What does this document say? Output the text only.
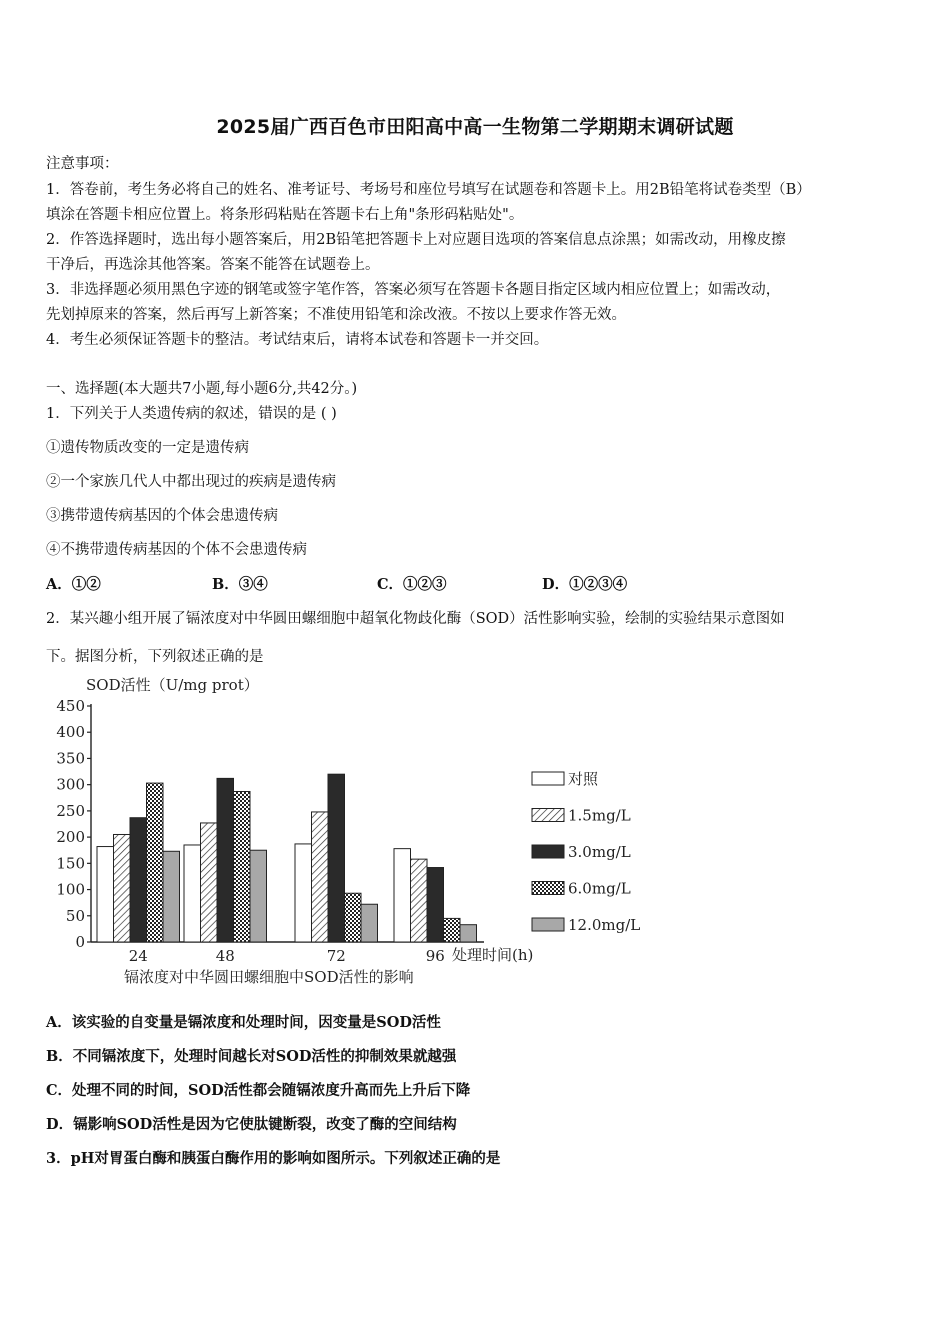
2025届广西百色市田阳高中高一生物第二学期期末调研试题
注意事项：
1．答卷前，考生务必将自己的姓名、准考证号、考场号和座位号填写在试题卷和答题卡上。用2B铅笔将试卷类型（B）
填涂在答题卡相应位置上。将条形码粘贴在答题卡右上角"条形码粘贴处"。
2．作答选择题时，选出每小题答案后，用2B铅笔把答题卡上对应题目选项的答案信息点涂黑；如需改动，用橡皮擦
干净后，再选涂其他答案。答案不能答在试题卷上。
3．非选择题必须用黑色字迹的钢笔或签字笔作答，答案必须写在答题卡各题目指定区域内相应位置上；如需改动，
先划掉原来的答案，然后再写上新答案；不准使用铅笔和涂改液。不按以上要求作答无效。
4．考生必须保证答题卡的整洁。考试结束后，请将本试卷和答题卡一并交回。
一、选择题(本大题共7小题,每小题6分,共42分。)
1．下列关于人类遗传病的叙述，错误的是 ( )
①遗传物质改变的一定是遗传病
②一个家族几代人中都出现过的疾病是遗传病
③携带遗传病基因的个体会患遗传病
④不携带遗传病基因的个体不会患遗传病
A．①②	B．③④	C．①②③	D．①②③④
2．某兴趣小组开展了镉浓度对中华圆田螺细胞中超氧化物歧化酶（SOD）活性影响实验，绘制的实验结果示意图如
下。据图分析，下列叙述正确的是
SOD活性（U/mg prot）
0
50
100
150
200
250
300
350
400
450
24	48	72	96
对照
1.5mg/L
3.0mg/L
6.0mg/L
12.0mg/L
处理时间(h)
镉浓度对中华圆田螺细胞中SOD活性的影响
A．该实验的自变量是镉浓度和处理时间，因变量是SOD活性
B．不同镉浓度下，处理时间越长对SOD活性的抑制效果就越强
C．处理不同的时间，SOD活性都会随镉浓度升高而先上升后下降
D．镉影响SOD活性是因为它使肽键断裂，改变了酶的空间结构
3．pH对胃蛋白酶和胰蛋白酶作用的影响如图所示。下列叙述正确的是
